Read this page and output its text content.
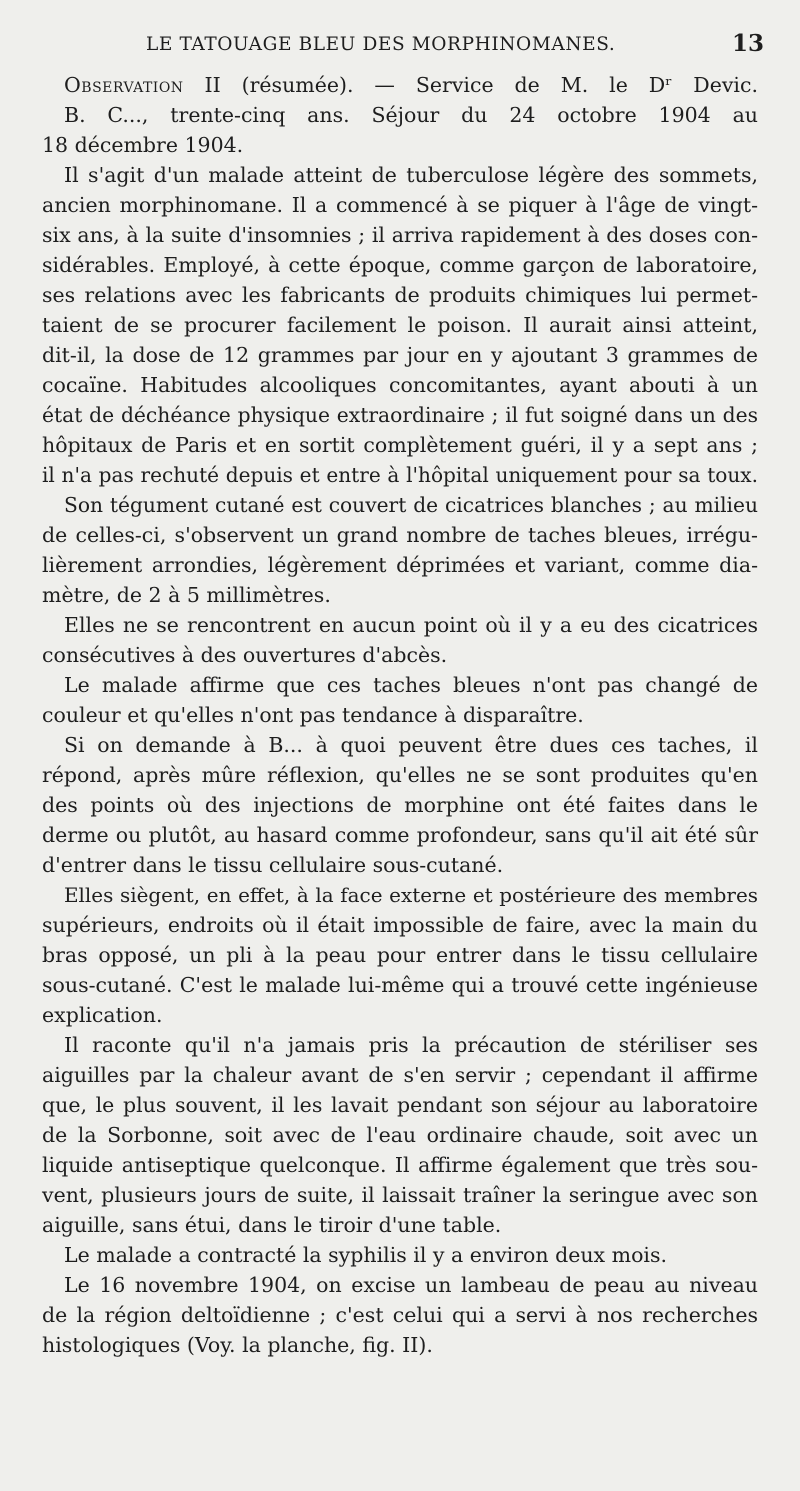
LE TATOUAGE BLEU DES MORPHINOMANES.	13
Observation II (résumée). — Service de M. le Dʳ Devic.
B. C..., trente-cinq ans. Séjour du 24 octobre 1904 au
18 décembre 1904.
Il s'agit d'un malade atteint de tuberculose légère des sommets,
ancien morphinomane. Il a commencé à se piquer à l'âge de vingt-
six ans, à la suite d'insomnies ; il arriva rapidement à des doses con-
sidérables. Employé, à cette époque, comme garçon de laboratoire,
ses relations avec les fabricants de produits chimiques lui permet-
taient de se procurer facilement le poison. Il aurait ainsi atteint,
dit-il, la dose de 12 grammes par jour en y ajoutant 3 grammes de
cocaïne. Habitudes alcooliques concomitantes, ayant abouti à un
état de déchéance physique extraordinaire ; il fut soigné dans un des
hôpitaux de Paris et en sortit complètement guéri, il y a sept ans ;
il n'a pas rechuté depuis et entre à l'hôpital uniquement pour sa toux.
Son tégument cutané est couvert de cicatrices blanches ; au milieu
de celles-ci, s'observent un grand nombre de taches bleues, irrégu-
lièrement arrondies, légèrement déprimées et variant, comme dia-
mètre, de 2 à 5 millimètres.
Elles ne se rencontrent en aucun point où il y a eu des cicatrices
consécutives à des ouvertures d'abcès.
Le malade affirme que ces taches bleues n'ont pas changé de
couleur et qu'elles n'ont pas tendance à disparaître.
Si on demande à B... à quoi peuvent être dues ces taches, il
répond, après mûre réflexion, qu'elles ne se sont produites qu'en
des points où des injections de morphine ont été faites dans le
derme ou plutôt, au hasard comme profondeur, sans qu'il ait été sûr
d'entrer dans le tissu cellulaire sous-cutané.
Elles siègent, en effet, à la face externe et postérieure des membres
supérieurs, endroits où il était impossible de faire, avec la main du
bras opposé, un pli à la peau pour entrer dans le tissu cellulaire
sous-cutané. C'est le malade lui-même qui a trouvé cette ingénieuse
explication.
Il raconte qu'il n'a jamais pris la précaution de stériliser ses
aiguilles par la chaleur avant de s'en servir ; cependant il affirme
que, le plus souvent, il les lavait pendant son séjour au laboratoire
de la Sorbonne, soit avec de l'eau ordinaire chaude, soit avec un
liquide antiseptique quelconque. Il affirme également que très sou-
vent, plusieurs jours de suite, il laissait traîner la seringue avec son
aiguille, sans étui, dans le tiroir d'une table.
Le malade a contracté la syphilis il y a environ deux mois.
Le 16 novembre 1904, on excise un lambeau de peau au niveau
de la région deltoïdienne ; c'est celui qui a servi à nos recherches
histologiques (Voy. la planche, fig. II).
